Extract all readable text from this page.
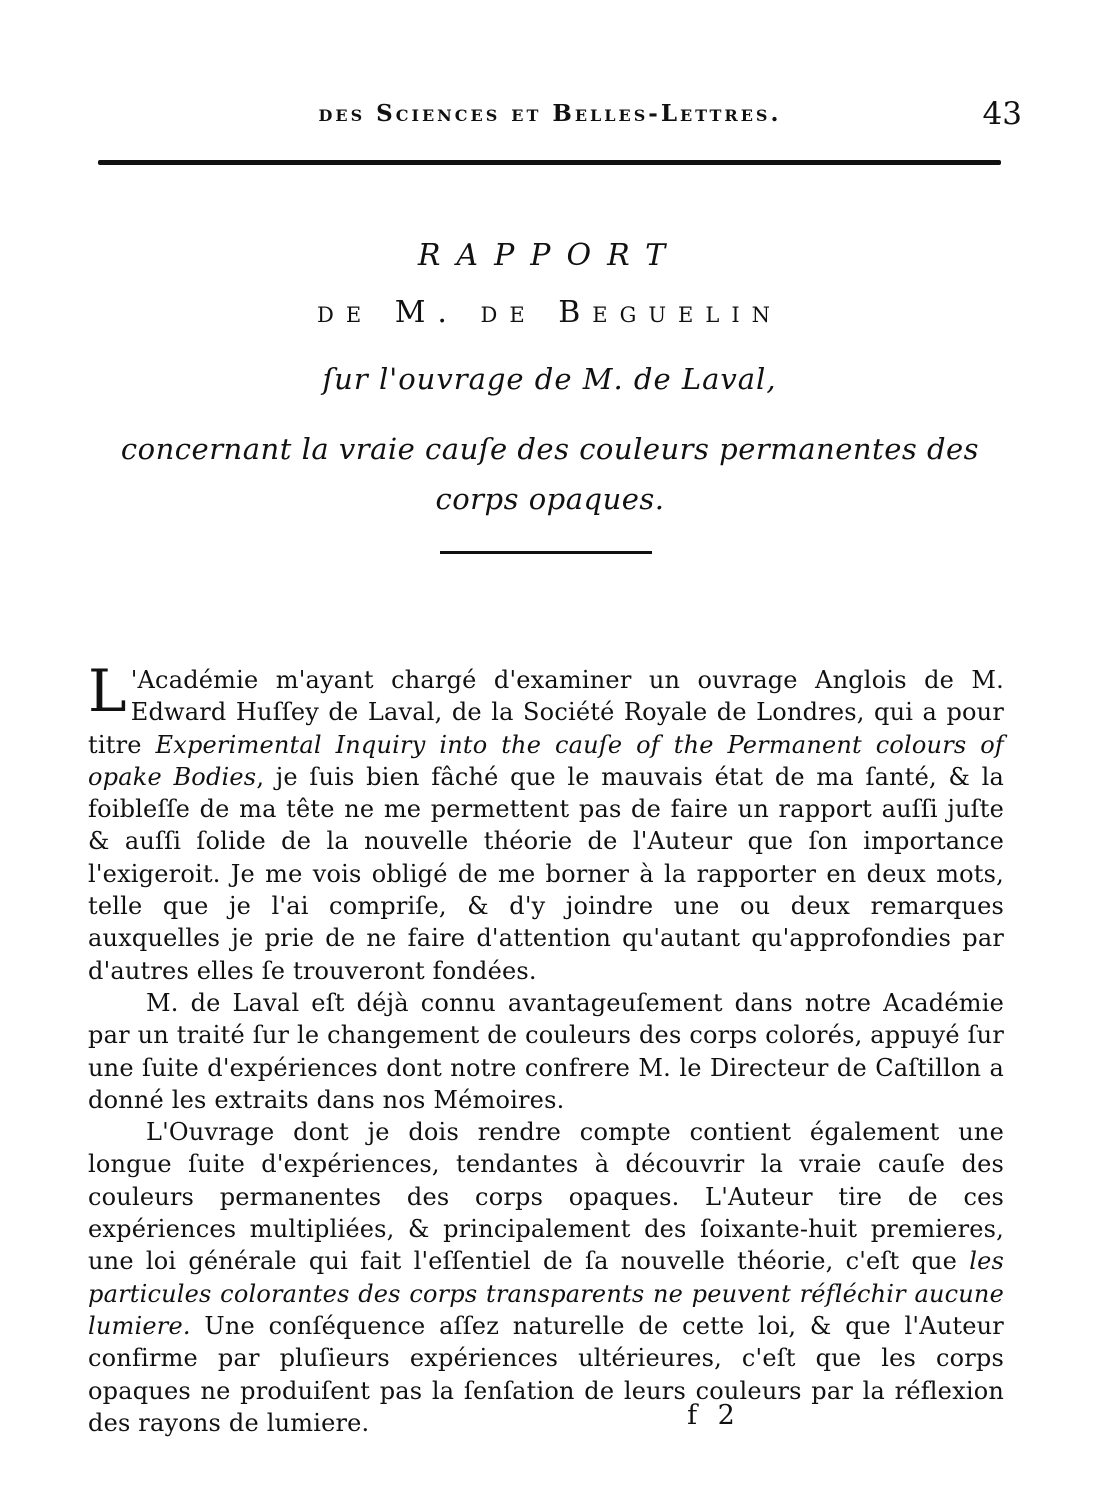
des Sciences et Belles-Lettres.	43
RAPPORT
de M. de Beguelin
ſur l'ouvrage de M. de Laval,
concernant la vraie cauſe des couleurs permanentes des corps opaques.

L 'Académie m'ayant chargé d'examiner un ouvrage Anglois de M. Edward Huſſey de Laval, de la Société Royale de Londres, qui a pour titre Experimental Inquiry into the cauſe of the Permanent colours of opake Bodies, je ſuis bien fâché que le mauvais état de ma ſanté, & la foibleſſe de ma tête ne me permettent pas de faire un rapport auſſi juſte & auſſi ſolide de la nouvelle théorie de l'Auteur que ſon importance l'exigeroit. Je me vois obligé de me borner à la rapporter en deux mots, telle que je l'ai compriſe, & d'y joindre une ou deux remarques auxquelles je prie de ne faire d'attention qu'autant qu'approfondies par d'autres elles ſe trouveront fondées.

M. de Laval eſt déjà connu avantageuſement dans notre Académie par un traité ſur le changement de couleurs des corps colorés, appuyé ſur une ſuite d'expériences dont notre confrere M. le Directeur de Caſtillon a donné les extraits dans nos Mémoires.

L'Ouvrage dont je dois rendre compte contient également une longue ſuite d'expériences, tendantes à découvrir la vraie cauſe des couleurs permanentes des corps opaques. L'Auteur tire de ces expériences multipliées, & principalement des ſoixante-huit premieres, une loi générale qui fait l'eſſentiel de ſa nouvelle théorie, c'eſt que les particules colorantes des corps transparents ne peuvent réfléchir aucune lumiere. Une conſéquence aſſez naturelle de cette loi, & que l'Auteur confirme par pluſieurs expériences ultérieures, c'eſt que les corps opaques ne produiſent pas la ſenſation de leurs couleurs par la réflexion des rayons de lumiere.	f 2
